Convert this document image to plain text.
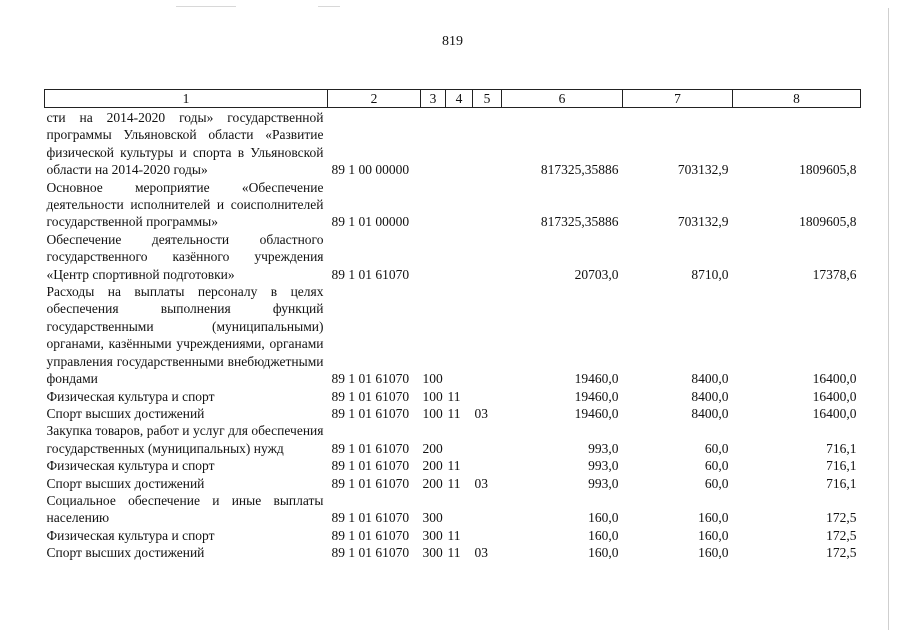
819
1	2	3	4	5	6	7	8
сти на 2014-2020 годы» государственной программы Ульяновской области «Развитие физической культуры и спорта в Ульяновской области на 2014-2020 годы»	89 1 00 00000				817325,35886	703132,9	1809605,8
Основное мероприятие «Обеспечение деятельности исполнителей и соисполнителей государственной программы»	89 1 01 00000				817325,35886	703132,9	1809605,8
Обеспечение деятельности областного государственного казённого учреждения «Центр спортивной подготовки»	89 1 01 61070				20703,0	8710,0	17378,6
Расходы на выплаты персоналу в целях обеспечения выполнения функций государственными (муниципальными) органами, казёнными учреждениями, органами управления государственными внебюджетными фондами	89 1 01 61070	100			19460,0	8400,0	16400,0
Физическая культура и спорт	89 1 01 61070	100	11		19460,0	8400,0	16400,0
Спорт высших достижений	89 1 01 61070	100	11	03	19460,0	8400,0	16400,0
Закупка товаров, работ и услуг для обеспечения государственных (муниципальных) нужд	89 1 01 61070	200			993,0	60,0	716,1
Физическая культура и спорт	89 1 01 61070	200	11		993,0	60,0	716,1
Спорт высших достижений	89 1 01 61070	200	11	03	993,0	60,0	716,1
Социальное обеспечение и иные выплаты населению	89 1 01 61070	300			160,0	160,0	172,5
Физическая культура и спорт	89 1 01 61070	300	11		160,0	160,0	172,5
Спорт высших достижений	89 1 01 61070	300	11	03	160,0	160,0	172,5
